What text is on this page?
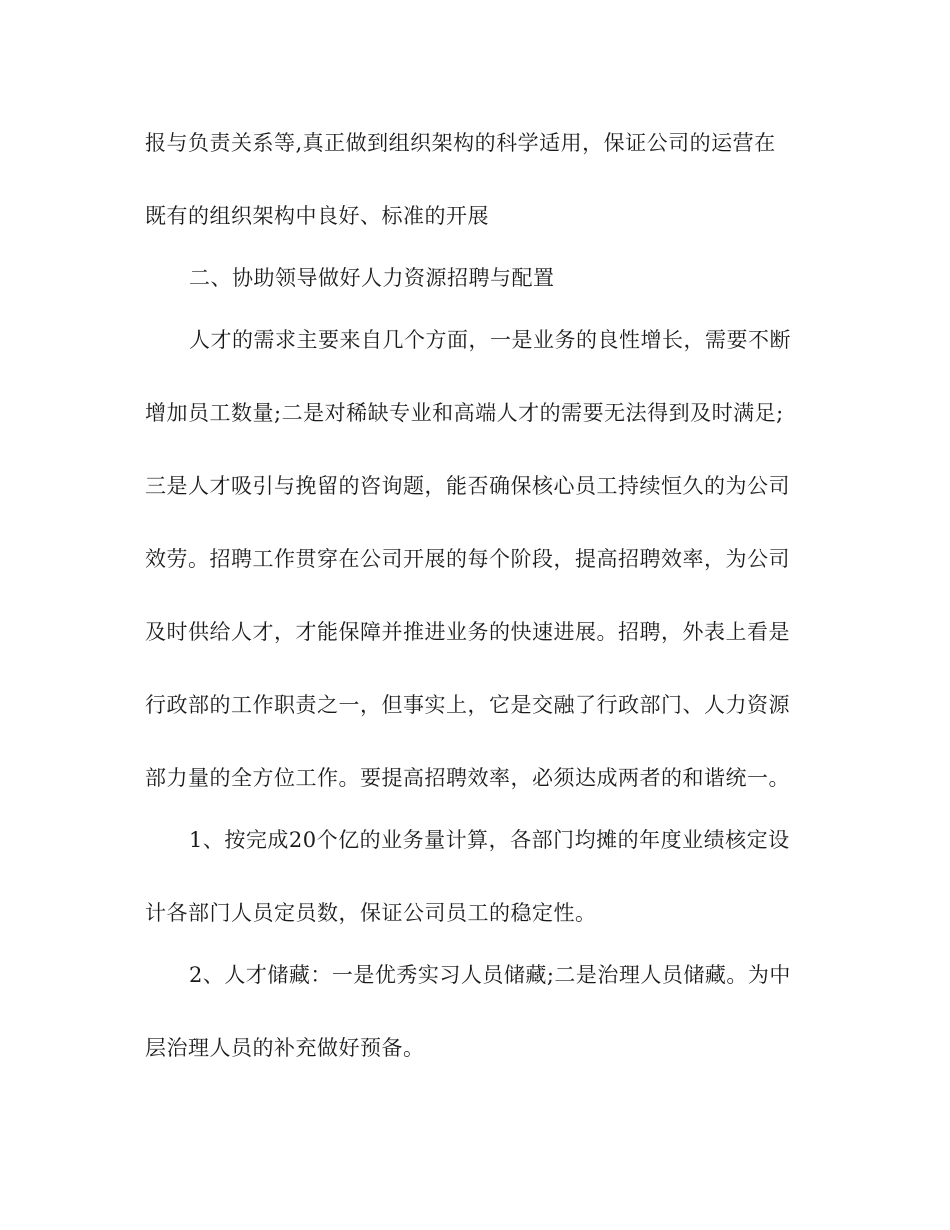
报与负责关系等,真正做到组织架构的科学适用，保证公司的运营在
既有的组织架构中良好、标准的开展
二、协助领导做好人力资源招聘与配置
人才的需求主要来自几个方面，一是业务的良性增长，需要不断
增加员工数量;二是对稀缺专业和高端人才的需要无法得到及时满足;
三是人才吸引与挽留的咨询题，能否确保核心员工持续恒久的为公司
效劳。招聘工作贯穿在公司开展的每个阶段，提高招聘效率，为公司
及时供给人才，才能保障并推进业务的快速进展。招聘，外表上看是
行政部的工作职责之一，但事实上，它是交融了行政部门、人力资源
部力量的全方位工作。要提高招聘效率，必须达成两者的和谐统一。
1、按完成20个亿的业务量计算，各部门均摊的年度业绩核定设
计各部门人员定员数，保证公司员工的稳定性。
2、人才储藏：一是优秀实习人员储藏;二是治理人员储藏。为中
层治理人员的补充做好预备。
